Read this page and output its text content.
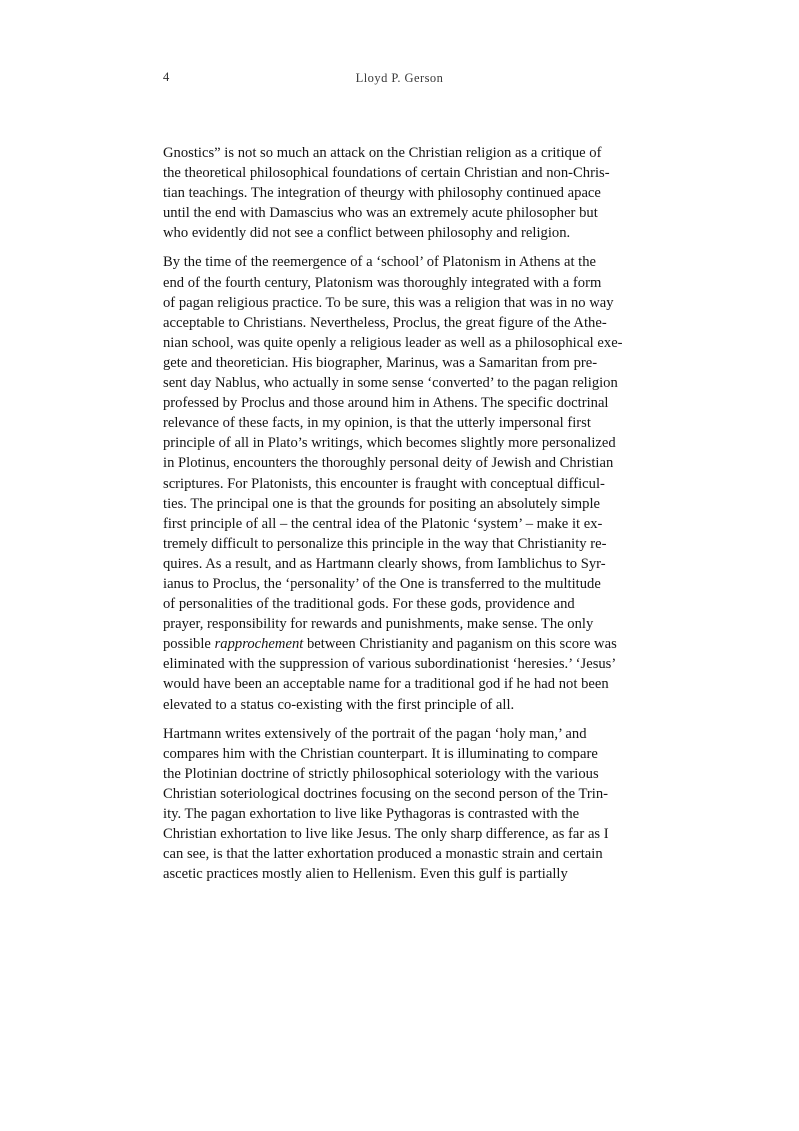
4	Lloyd P. Gerson

Gnostics” is not so much an attack on the Christian religion as a critique of
the theoretical philosophical foundations of certain Christian and non-Chris-
tian teachings. The integration of theurgy with philosophy continued apace
until the end with Damascius who was an extremely acute philosopher but
who evidently did not see a conflict between philosophy and religion.

By the time of the reemergence of a ‘school’ of Platonism in Athens at the
end of the fourth century, Platonism was thoroughly integrated with a form
of pagan religious practice. To be sure, this was a religion that was in no way
acceptable to Christians. Nevertheless, Proclus, the great figure of the Athe-
nian school, was quite openly a religious leader as well as a philosophical exe-
gete and theoretician. His biographer, Marinus, was a Samaritan from pre-
sent day Nablus, who actually in some sense ‘converted’ to the pagan religion
professed by Proclus and those around him in Athens. The specific doctrinal
relevance of these facts, in my opinion, is that the utterly impersonal first
principle of all in Plato’s writings, which becomes slightly more personalized
in Plotinus, encounters the thoroughly personal deity of Jewish and Christian
scriptures. For Platonists, this encounter is fraught with conceptual difficul-
ties. The principal one is that the grounds for positing an absolutely simple
first principle of all – the central idea of the Platonic ‘system’ – make it ex-
tremely difficult to personalize this principle in the way that Christianity re-
quires. As a result, and as Hartmann clearly shows, from Iamblichus to Syr-
ianus to Proclus, the ‘personality’ of the One is transferred to the multitude
of personalities of the traditional gods. For these gods, providence and
prayer, responsibility for rewards and punishments, make sense. The only
possible rapprochement between Christianity and paganism on this score was
eliminated with the suppression of various subordinationist ‘heresies.’ ‘Jesus’
would have been an acceptable name for a traditional god if he had not been
elevated to a status co-existing with the first principle of all.

Hartmann writes extensively of the portrait of the pagan ‘holy man,’ and
compares him with the Christian counterpart. It is illuminating to compare
the Plotinian doctrine of strictly philosophical soteriology with the various
Christian soteriological doctrines focusing on the second person of the Trin-
ity. The pagan exhortation to live like Pythagoras is contrasted with the
Christian exhortation to live like Jesus. The only sharp difference, as far as I
can see, is that the latter exhortation produced a monastic strain and certain
ascetic practices mostly alien to Hellenism. Even this gulf is partially
